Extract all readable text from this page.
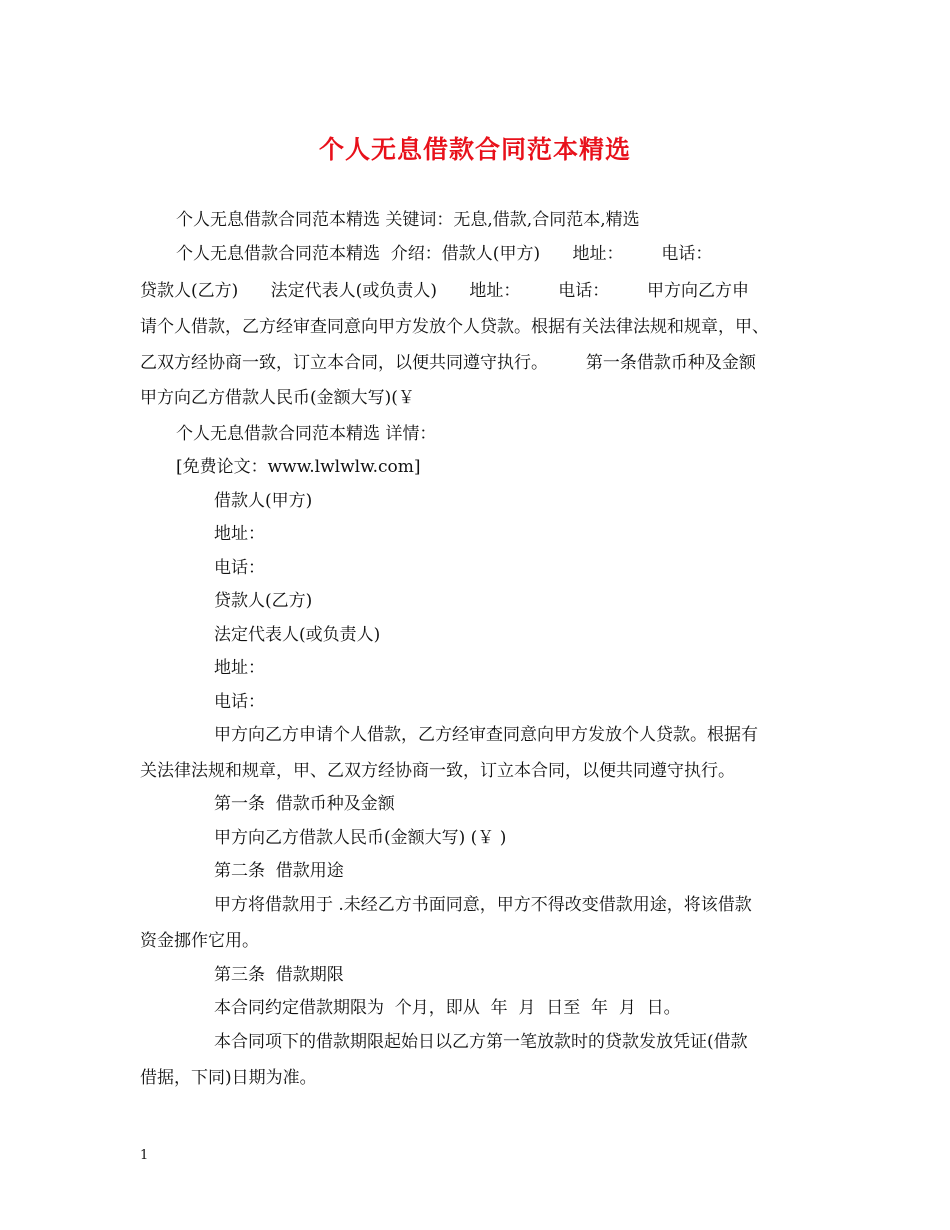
个人无息借款合同范本精选
个人无息借款合同范本精选 关键词：无息,借款,合同范本,精选
个人无息借款合同范本精选  介绍：借款人(甲方)      地址：       电话：
贷款人(乙方)      法定代表人(或负责人)      地址：       电话：       甲方向乙方申
请个人借款，乙方经审查同意向甲方发放个人贷款。根据有关法律法规和规章，甲、
乙双方经协商一致，订立本合同，以便共同遵守执行。       第一条借款币种及金额
甲方向乙方借款人民币(金额大写)(￥
个人无息借款合同范本精选 详情：
[免费论文：www.lwlwlw.com]
借款人(甲方)
地址：
电话：
贷款人(乙方)
法定代表人(或负责人)
地址：
电话：
甲方向乙方申请个人借款，乙方经审查同意向甲方发放个人贷款。根据有
关法律法规和规章，甲、乙双方经协商一致，订立本合同，以便共同遵守执行。
第一条  借款币种及金额
甲方向乙方借款人民币(金额大写) (￥ )
第二条  借款用途
甲方将借款用于 .未经乙方书面同意，甲方不得改变借款用途，将该借款
资金挪作它用。
第三条  借款期限
本合同约定借款期限为  个月，即从  年  月  日至  年  月  日。
本合同项下的借款期限起始日以乙方第一笔放款时的贷款发放凭证(借款
借据，下同)日期为准。
1
